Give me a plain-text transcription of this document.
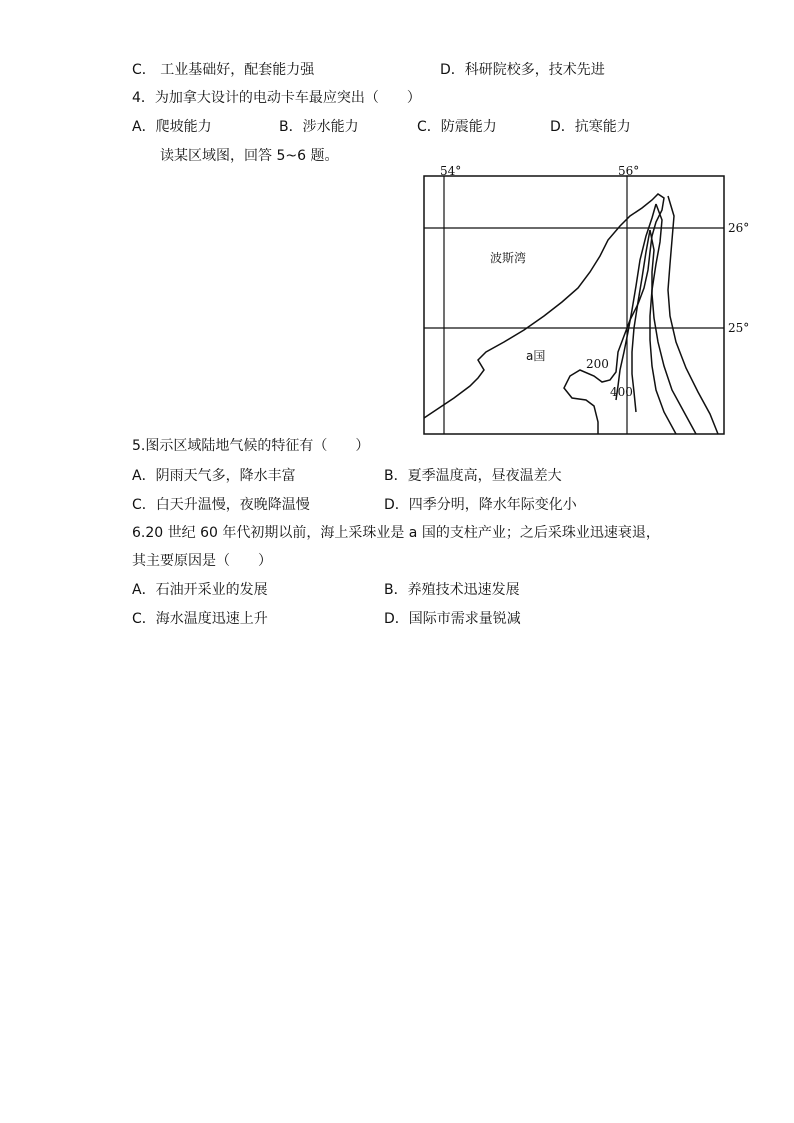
C． 工业基础好，配套能力强	D．科研院校多，技术先进
4．为加拿大设计的电动卡车最应突出（　　）
A．爬坡能力	B．涉水能力	C．防震能力	D．抗寒能力
读某区域图，回答 5~6 题。
54°	56°
26°
25°
波斯湾
a国
200
400
5.图示区域陆地气候的特征有（　　）
A．阴雨天气多，降水丰富	B．夏季温度高，昼夜温差大
C．白天升温慢，夜晚降温慢	D．四季分明，降水年际变化小
6.20 世纪 60 年代初期以前，海上采珠业是 a 国的支柱产业；之后采珠业迅速衰退，
其主要原因是（　　）
A．石油开采业的发展	B．养殖技术迅速发展
C．海水温度迅速上升	D．国际市需求量锐减
